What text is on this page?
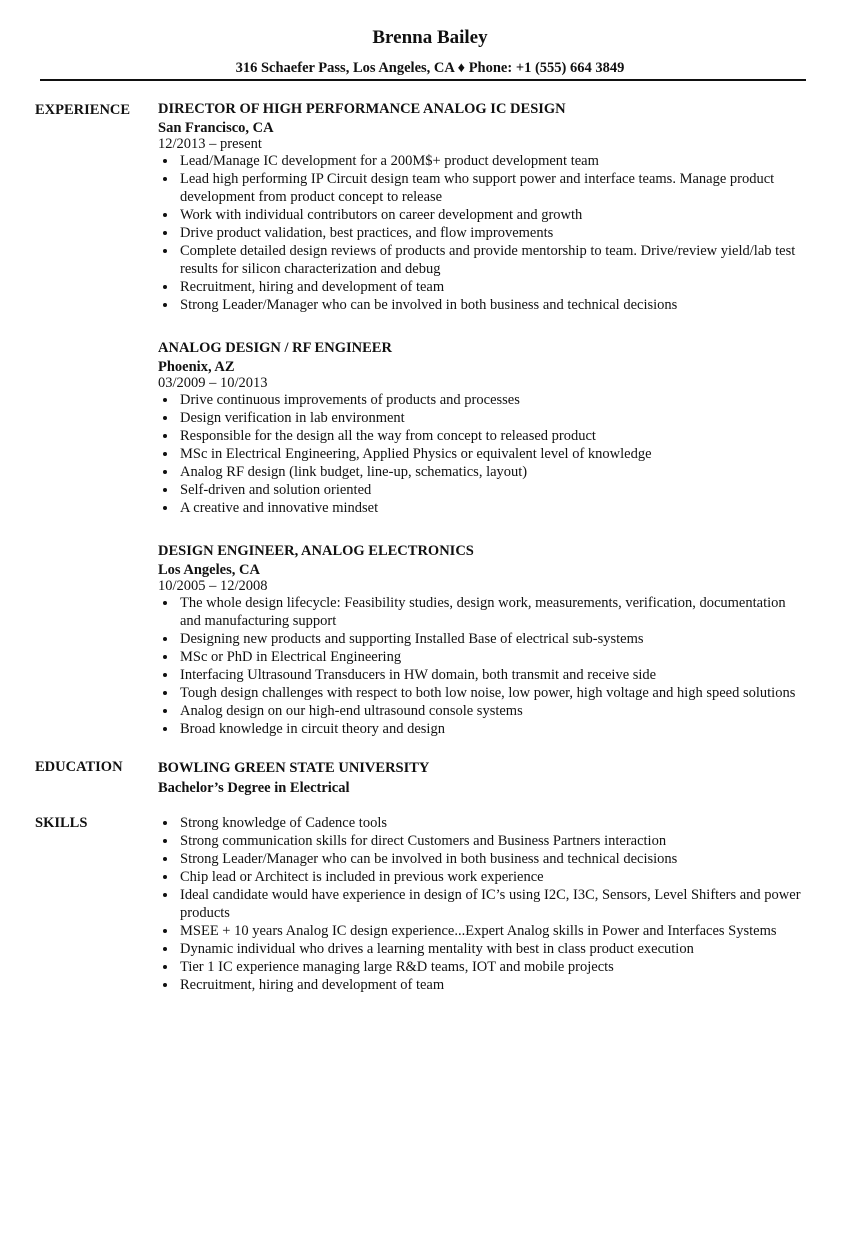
Brenna Bailey
316 Schaefer Pass, Los Angeles, CA ♦ Phone: +1 (555) 664 3849
EXPERIENCE DIRECTOR OF HIGH PERFORMANCE ANALOG IC DESIGN
San Francisco, CA
12/2013 – present
Lead/Manage IC development for a 200M$+ product development team
Lead high performing IP Circuit design team who support power and interface teams. Manage product development from product concept to release
Work with individual contributors on career development and growth
Drive product validation, best practices, and flow improvements
Complete detailed design reviews of products and provide mentorship to team. Drive/review yield/lab test results for silicon characterization and debug
Recruitment, hiring and development of team
Strong Leader/Manager who can be involved in both business and technical decisions
ANALOG DESIGN / RF ENGINEER
Phoenix, AZ
03/2009 – 10/2013
Drive continuous improvements of products and processes
Design verification in lab environment
Responsible for the design all the way from concept to released product
MSc in Electrical Engineering, Applied Physics or equivalent level of knowledge
Analog RF design (link budget, line-up, schematics, layout)
Self-driven and solution oriented
A creative and innovative mindset
DESIGN ENGINEER, ANALOG ELECTRONICS
Los Angeles, CA
10/2005 – 12/2008
The whole design lifecycle: Feasibility studies, design work, measurements, verification, documentation and manufacturing support
Designing new products and supporting Installed Base of electrical sub-systems
MSc or PhD in Electrical Engineering
Interfacing Ultrasound Transducers in HW domain, both transmit and receive side
Tough design challenges with respect to both low noise, low power, high voltage and high speed solutions
Analog design on our high-end ultrasound console systems
Broad knowledge in circuit theory and design
EDUCATION BOWLING GREEN STATE UNIVERSITY
Bachelor’s Degree in Electrical
SKILLS	Strong knowledge of Cadence tools
Strong communication skills for direct Customers and Business Partners interaction
Strong Leader/Manager who can be involved in both business and technical decisions
Chip lead or Architect is included in previous work experience
Ideal candidate would have experience in design of IC’s using I2C, I3C, Sensors, Level Shifters and power products
MSEE + 10 years Analog IC design experience...Expert Analog skills in Power and Interfaces Systems
Dynamic individual who drives a learning mentality with best in class product execution
Tier 1 IC experience managing large R&D teams, IOT and mobile projects
Recruitment, hiring and development of team
